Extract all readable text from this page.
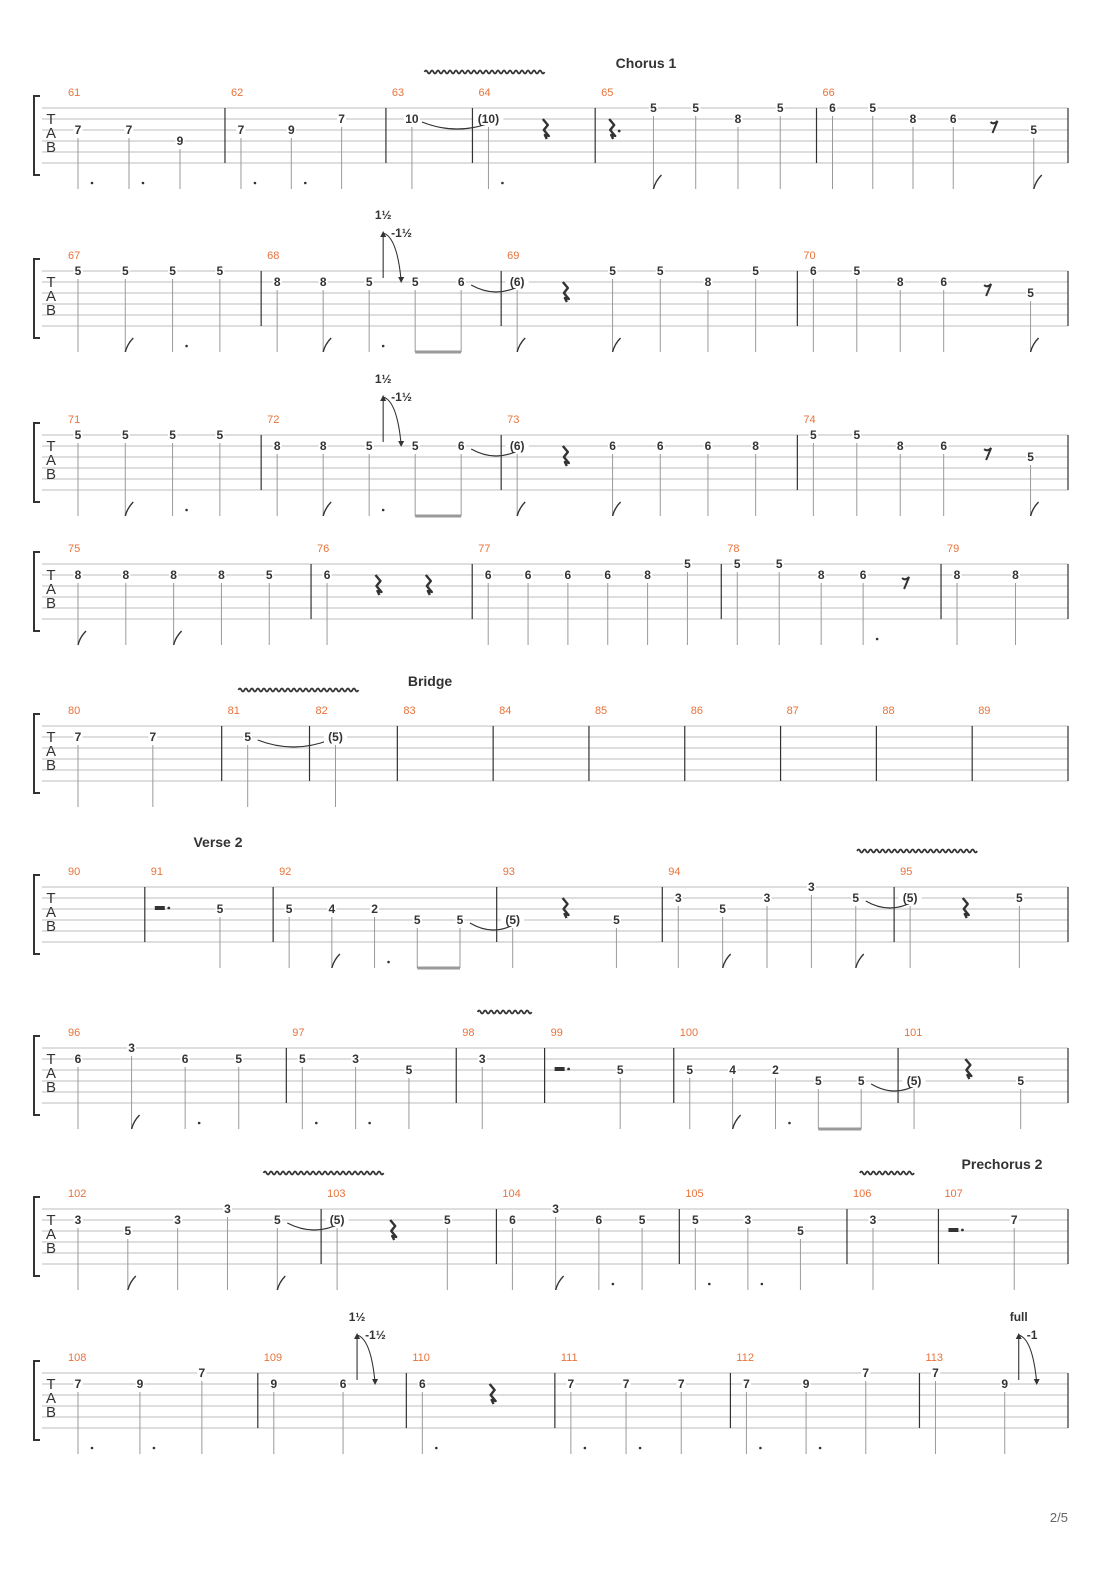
T
A
B
Chorus 1
61
7	7
9
62
7	9
7
63
10
64
(10)
65
5	5
8
5
66
6	5
8	6
5
T
A
B
67
5	5	5	5
68
8	8	5
1½
-1½
5	6
69
(6)
5	5
8
5
70
6	5
8	6
5
T
A
B
71
5	5	5	5
72
8	8	5
1½
-1½
5	6
73
(6)	6	6	6	8
74
5	5
8	6
5
T
A
B
75
8	8	8	8	5
76
6
77
6	6	6	6	8
5
78
5	5
8	6
79
8	8
T
A
B
Bridge
80
7	7
81
5
82
(5)
83	84	85	86	87	88	89
T
A
B
Verse 2
90	91
5
92
5	4	2
5	5
93
(5)	5
94
3
5
3
3
5
95
(5)	5
T
A
B
96
6
3
6	5
97
5	3
5
98
3
99
5
100
5	4	2
5	5
101
(5)	5
T
A
B
Prechorus 2
102
3
5
3
3
5
103
(5)	5
104
6
3
6	5
105
5	3
5
106
3
107
7
T
A
B
108
7	9
7
109
9	6
1½
-1½
110
6
111
7	7	7
112
7	9
7
113
7
9
full
-1
2/5
